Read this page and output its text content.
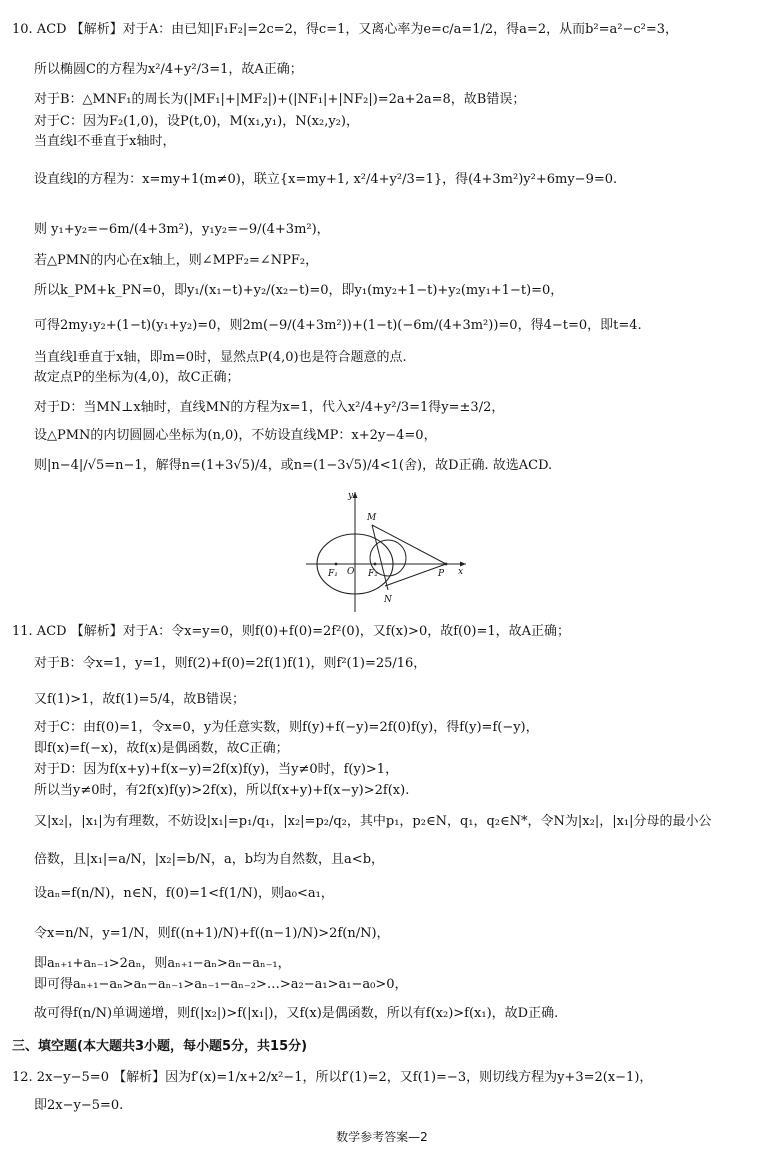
10. ACD 【解析】对于A：由已知|F₁F₂|=2c=2，得c=1，又离心率为e=c/a=1/2，得a=2，从而b²=a²−c²=3，
所以椭圆C的方程为x²/4+y²/3=1，故A正确；
对于B：△MNF₁的周长为(|MF₁|+|MF₂|)+(|NF₁|+|NF₂|)=2a+2a=8，故B错误；
对于C：因为F₂(1,0)，设P(t,0)，M(x₁,y₁)，N(x₂,y₂)，
当直线l不垂直于x轴时，
设直线l的方程为：x=my+1(m≠0)，联立{x=my+1, x²/4+y²/3=1}，得(4+3m²)y²+6my−9=0.
则 y₁+y₂=−6m/(4+3m²)，y₁y₂=−9/(4+3m²)，
若△PMN的内心在x轴上，则∠MPF₂=∠NPF₂，
所以k_PM+k_PN=0，即y₁/(x₁−t)+y₂/(x₂−t)=0，即y₁(my₂+1−t)+y₂(my₁+1−t)=0，
可得2my₁y₂+(1−t)(y₁+y₂)=0，则2m(−9/(4+3m²))+(1−t)(−6m/(4+3m²))=0，得4−t=0，即t=4.
当直线l垂直于x轴，即m=0时，显然点P(4,0)也是符合题意的点.
故定点P的坐标为(4,0)，故C正确；
对于D：当MN⊥x轴时，直线MN的方程为x=1，代入x²/4+y²/3=1得y=±3/2，
设△PMN的内切圆圆心坐标为(n,0)，不妨设直线MP：x+2y−4=0，
则|n−4|/√5=n−1，解得n=(1+3√5)/4，或n=(1−3√5)/4<1(舍)，故D正确. 故选ACD.
y
M
O
F₁	F₂	P x
N
11. ACD 【解析】对于A：令x=y=0，则f(0)+f(0)=2f²(0)，又f(x)>0，故f(0)=1，故A正确；
对于B：令x=1，y=1，则f(2)+f(0)=2f(1)f(1)，则f²(1)=25/16，
又f(1)>1，故f(1)=5/4，故B错误；
对于C：由f(0)=1，令x=0，y为任意实数，则f(y)+f(−y)=2f(0)f(y)，得f(y)=f(−y)，
即f(x)=f(−x)，故f(x)是偶函数，故C正确；
对于D：因为f(x+y)+f(x−y)=2f(x)f(y)，当y≠0时，f(y)>1，
所以当y≠0时，有2f(x)f(y)>2f(x)，所以f(x+y)+f(x−y)>2f(x).
又|x₂|，|x₁|为有理数，不妨设|x₁|=p₁/q₁，|x₂|=p₂/q₂，其中p₁，p₂∈N，q₁，q₂∈N*，令N为|x₂|，|x₁|分母的最小公
倍数，且|x₁|=a/N，|x₂|=b/N，a，b均为自然数，且a<b，
设aₙ=f(n/N)，n∈N，f(0)=1<f(1/N)，则a₀<a₁，
令x=n/N，y=1/N，则f((n+1)/N)+f((n−1)/N)>2f(n/N)，
即aₙ₊₁+aₙ₋₁>2aₙ，则aₙ₊₁−aₙ>aₙ−aₙ₋₁，
即可得aₙ₊₁−aₙ>aₙ−aₙ₋₁>aₙ₋₁−aₙ₋₂>…>a₂−a₁>a₁−a₀>0，
故可得f(n/N)单调递增，则f(|x₂|)>f(|x₁|)，又f(x)是偶函数，所以有f(x₂)>f(x₁)，故D正确.
三、填空题(本大题共3小题，每小题5分，共15分)
12. 2x−y−5=0 【解析】因为f′(x)=1/x+2/x²−1，所以f′(1)=2，又f(1)=−3，则切线方程为y+3=2(x−1)，
即2x−y−5=0.
数学参考答案—2
